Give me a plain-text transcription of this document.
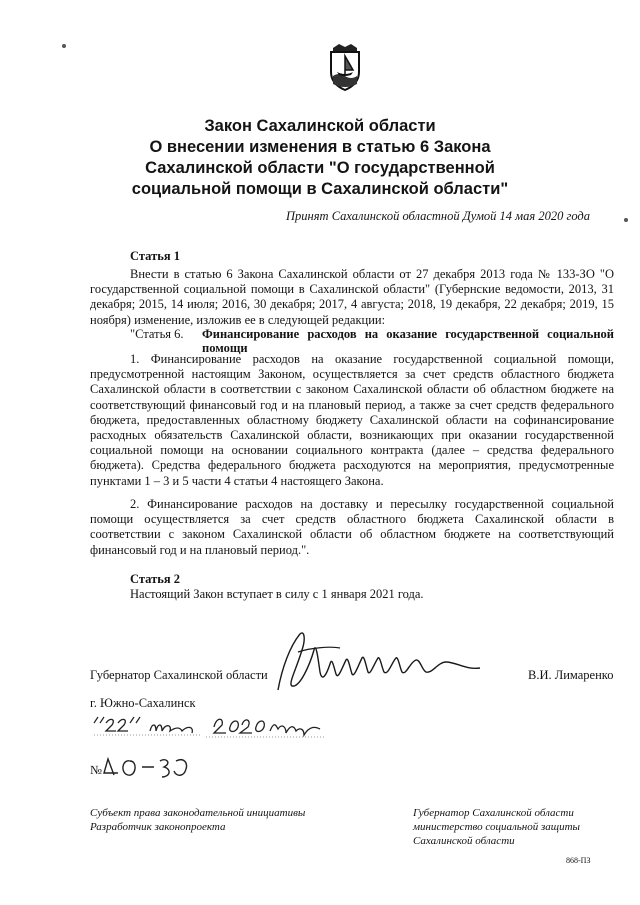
Закон Сахалинской области
О внесении изменения в статью 6 Закона
Сахалинской области "О государственной
социальной помощи в Сахалинской области"
Принят Сахалинской областной Думой 14 мая 2020 года
Статья 1
Внести в статью 6 Закона Сахалинской области от 27 декабря 2013 года № 133-ЗО "О государственной социальной помощи в Сахалинской области" (Губернские ведомости, 2013, 31 декабря; 2015, 14 июля; 2016, 30 декабря; 2017, 4 августа; 2018, 19 декабря, 22 декабря; 2019, 15 ноября) изменение, изложив ее в следующей редакции:
"Статья 6. Финансирование расходов на оказание государственной социальной помощи
1. Финансирование расходов на оказание государственной социальной помощи, предусмотренной настоящим Законом, осуществляется за счет средств областного бюджета Сахалинской области в соответствии с законом Сахалинской области об областном бюджете на соответствующий финансовый год и на плановый период, а также за счет средств федерального бюджета, предоставленных областному бюджету Сахалинской области на софинансирование расходных обязательств Сахалинской области, возникающих при оказании государственной социальной помощи на основании социального контракта (далее – средства федерального бюджета). Средства федерального бюджета расходуются на мероприятия, предусмотренные пунктами 1 – 3 и 5 части 4 статьи 4 настоящего Закона.
2. Финансирование расходов на доставку и пересылку государственной социальной помощи осуществляется за счет средств областного бюджета Сахалинской области в соответствии с законом Сахалинской области об областном бюджете на соответствующий финансовый год и на плановый период.".
Статья 2
Настоящий Закон вступает в силу с 1 января 2021 года.
Губернатор Сахалинской области	В.И. Лимаренко
г. Южно-Сахалинск
№
Субъект права законодательной инициативы
Разработчик законопроекта
Губернатор Сахалинской области
министерство социальной защиты
Сахалинской области
868-ПЗ
